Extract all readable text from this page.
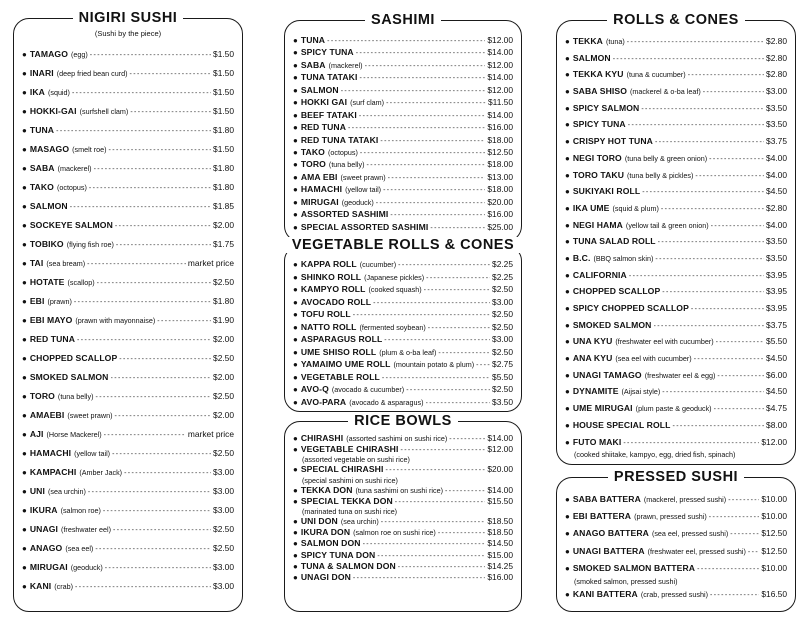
NIGIRI SUSHI
(Sushi by the piece)
● TAMAGO (egg) -----	$1.50
● INARI (deep fried bean curd) -----	$1.50
● IKA (squid) -----	$1.50
● HOKKI-GAI (surfshell clam) -----	$1.50
● TUNA -----	$1.80
● MASAGO (smelt roe) -----	$1.50
● SABA (mackerel) -----	$1.80
● TAKO (octopus) -----	$1.80
● SALMON -----	$1.85
● SOCKEYE SALMON -----	$2.00
● TOBIKO (flying fish roe) -----	$1.75
● TAI (sea bream) -----	market price
● HOTATE (scallop) -----	$2.50
● EBI (prawn) -----	$1.80
● EBI MAYO (prawn with mayonnaise) -----	$1.90
● RED TUNA -----	$2.00
● CHOPPED SCALLOP -----	$2.50
● SMOKED SALMON -----	$2.00
● TORO (tuna belly) -----	$2.50
● AMAEBI (sweet prawn) -----	$2.00
● AJI (Horse Mackerel) -----	market price
● HAMACHI (yellow tail) -----	$2.50
● KAMPACHI (Amber Jack) -----	$3.00
● UNI (sea urchin) -----	$3.00
● IKURA (salmon roe) -----	$3.00
● UNAGI (freshwater eel) -----	$2.50
● ANAGO (sea eel) -----	$2.50
● MIRUGAI (geoduck) -----	$3.00
● KANI (crab) -----	$3.00
SASHIMI
● TUNA -----	$12.00
● SPICY TUNA -----	$14.00
● SABA (mackerel) -----	$12.00
● TUNA TATAKI -----	$14.00
● SALMON -----	$12.00
● HOKKI GAI (surf clam) -----	$11.50
● BEEF TATAKI -----	$14.00
● RED TUNA -----	$16.00
● RED TUNA TATAKI -----	$18.00
● TAKO (octopus) -----	$12.50
● TORO (tuna belly) -----	$18.00
● AMA EBI (sweet prawn) -----	$13.00
● HAMACHI (yellow tail) -----	$18.00
● MIRUGAI (geoduck) -----	$20.00
● ASSORTED SASHIMI -----	$16.00
● SPECIAL ASSORTED SASHIMI -----	$25.00
VEGETABLE ROLLS & CONES
● KAPPA ROLL (cucumber) -----	$2.25
● SHINKO ROLL (Japanese pickles) -----	$2.25
● KAMPYO ROLL (cooked squash) -----	$2.50
● AVOCADO ROLL -----	$3.00
● TOFU ROLL -----	$2.50
● NATTO ROLL (fermented soybean) -----	$2.50
● ASPARAGUS ROLL -----	$3.00
● UME SHISO ROLL (plum & o-ba leaf) -----	$2.50
● YAMAIMO UME ROLL (mountain potato & plum) ----- $2.75
● VEGETABLE ROLL -----	$5.50
● AVO-Q (avocado & cucumber) -----	$2.50
● AVO-PARA (avocado & asparagus) -----	$3.50
RICE BOWLS
● CHIRASHI (assorted sashimi on sushi rice) -----	$14.00
● VEGETABLE CHIRASHI -----	$12.00
(assorted vegetable on sushi rice)
● SPECIAL CHIRASHI -----	$20.00
(special sashimi on sushi rice)
● TEKKA DON (tuna sashimi on sushi rice) -----	$14.00
● SPECIAL TEKKA DON -----	$15.50
(marinated tuna on sushi rice)
● UNI DON (sea urchin) -----	$18.50
● IKURA DON (salmon roe on sushi rice) -----	$18.50
● SALMON DON -----	$14.50
● SPICY TUNA DON -----	$15.00
● TUNA & SALMON DON -----	$14.25
● UNAGI DON -----	$16.00
ROLLS & CONES
● TEKKA (tuna) -----	$2.80
● SALMON -----	$2.80
● TEKKA KYU (tuna & cucumber) -----	$2.80
● SABA SHISO (mackerel & o-ba leaf) -----	$3.00
● SPICY SALMON -----	$3.50
● SPICY TUNA -----	$3.50
● CRISPY HOT TUNA -----	$3.75
● NEGI TORO (tuna belly & green onion) -----	$4.00
● TORO TAKU (tuna belly & pickles) -----	$4.00
● SUKIYAKI ROLL -----	$4.50
● IKA UME (squid & plum) -----	$2.80
● NEGI HAMA (yellow tail & green onion) -----	$4.00
● TUNA SALAD ROLL -----	$3.50
● B.C. (BBQ salmon skin) -----	$3.50
● CALIFORNIA -----	$3.95
● CHOPPED SCALLOP -----	$3.95
● SPICY CHOPPED SCALLOP -----	$3.95
● SMOKED SALMON -----	$3.75
● UNA KYU (freshwater eel with cucumber) -----	$5.50
● ANA KYU (sea eel with cucumber) -----	$4.50
● UNAGI TAMAGO (freshwater eel & egg) -----	$6.00
● DYNAMITE (Aijsai style) -----	$4.50
● UME MIRUGAI (plum paste & geoduck) -----	$4.75
● HOUSE SPECIAL ROLL -----	$8.00
● FUTO MAKI -----	$12.00
(cooked shiitake, kampyo, egg, dried fish, spinach)
PRESSED SUSHI
● SABA BATTERA (mackerel, pressed sushi) -----	$10.00
● EBI BATTERA (prawn, pressed sushi) -----	$10.00
● ANAGO BATTERA (sea eel, pressed sushi) -----	$12.50
● UNAGI BATTERA (freshwater eel, pressed sushi) ----- $12.50
● SMOKED SALMON BATTERA -----	$10.00
(smoked salmon, pressed sushi)
● KANI BATTERA (crab, pressed sushi) -----	$16.50
